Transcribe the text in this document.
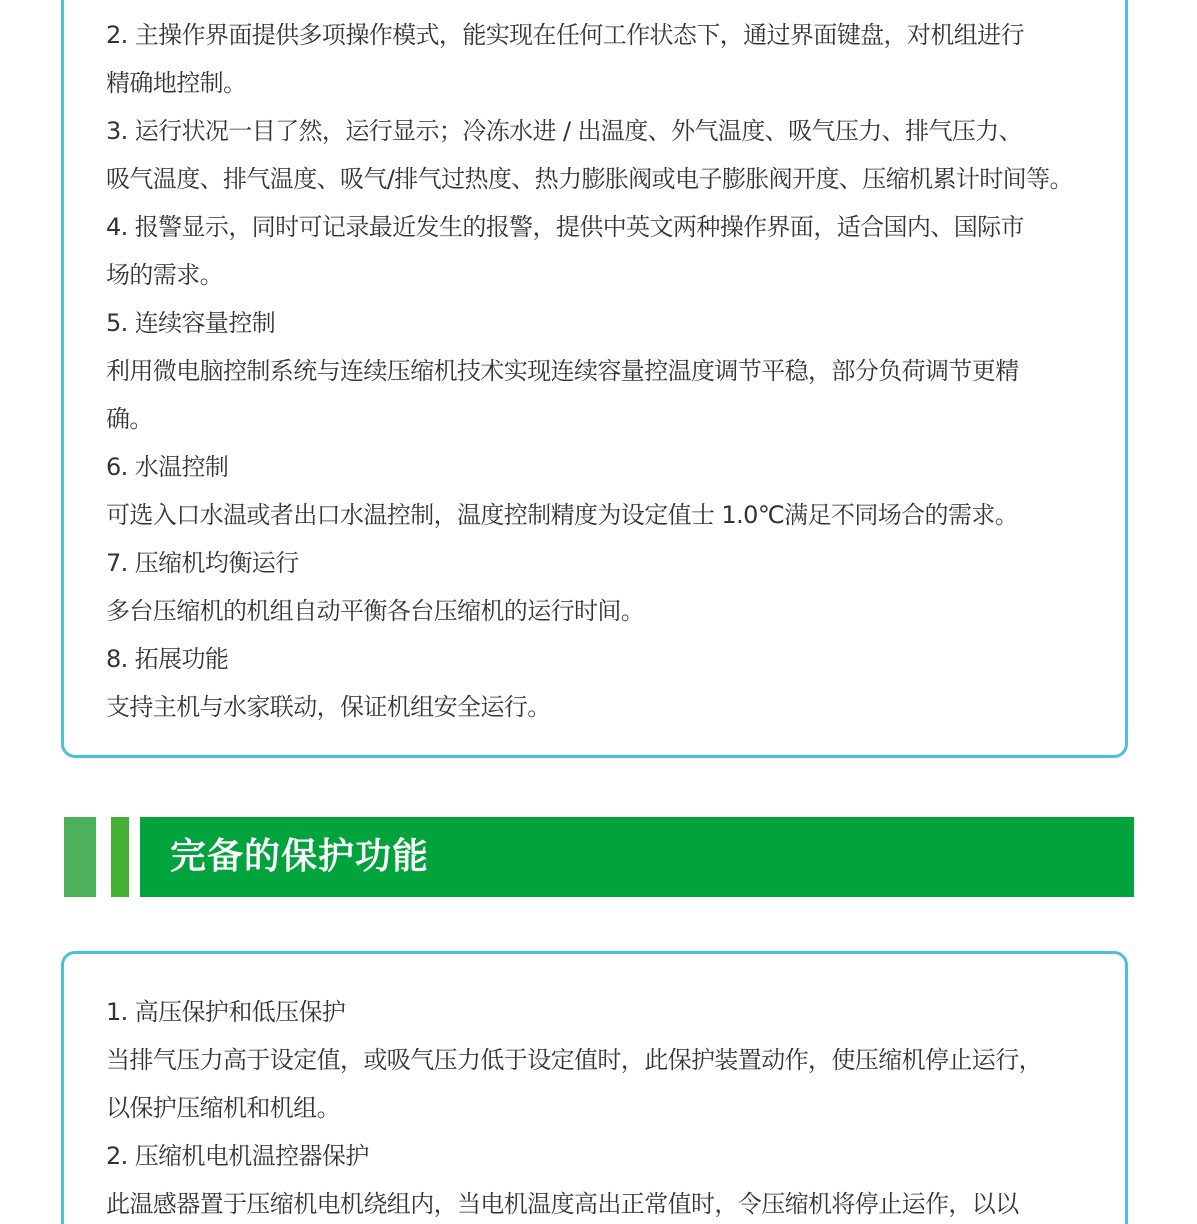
2. 主操作界面提供多项操作模式，能实现在任何工作状态下，通过界面键盘，对机组进行
精确地控制。
3. 运行状况一目了然，运行显示；冷冻水进 / 出温度、外气温度、吸气压力、排气压力、
吸气温度、排气温度、吸气/排气过热度、热力膨胀阀或电子膨胀阀开度、压缩机累计时间等。
4. 报警显示，同时可记录最近发生的报警，提供中英文两种操作界面，适合国内、国际市
场的需求。
5. 连续容量控制
利用微电脑控制系统与连续压缩机技术实现连续容量控温度调节平稳，部分负荷调节更精
确。
6. 水温控制
可选入口水温或者出口水温控制，温度控制精度为设定值士 1.0℃满足不同场合的需求。
7. 压缩机均衡运行
多台压缩机的机组自动平衡各台压缩机的运行时间。
8. 拓展功能
支持主机与水家联动，保证机组安全运行。
完备的保护功能
1. 高压保护和低压保护
当排气压力高于设定值，或吸气压力低于设定值时，此保护装置动作，使压缩机停止运行，
以保护压缩机和机组。
2. 压缩机电机温控器保护
此温感器置于压缩机电机绕组内，当电机温度高出正常值时，令压缩机将停止运作，以以
